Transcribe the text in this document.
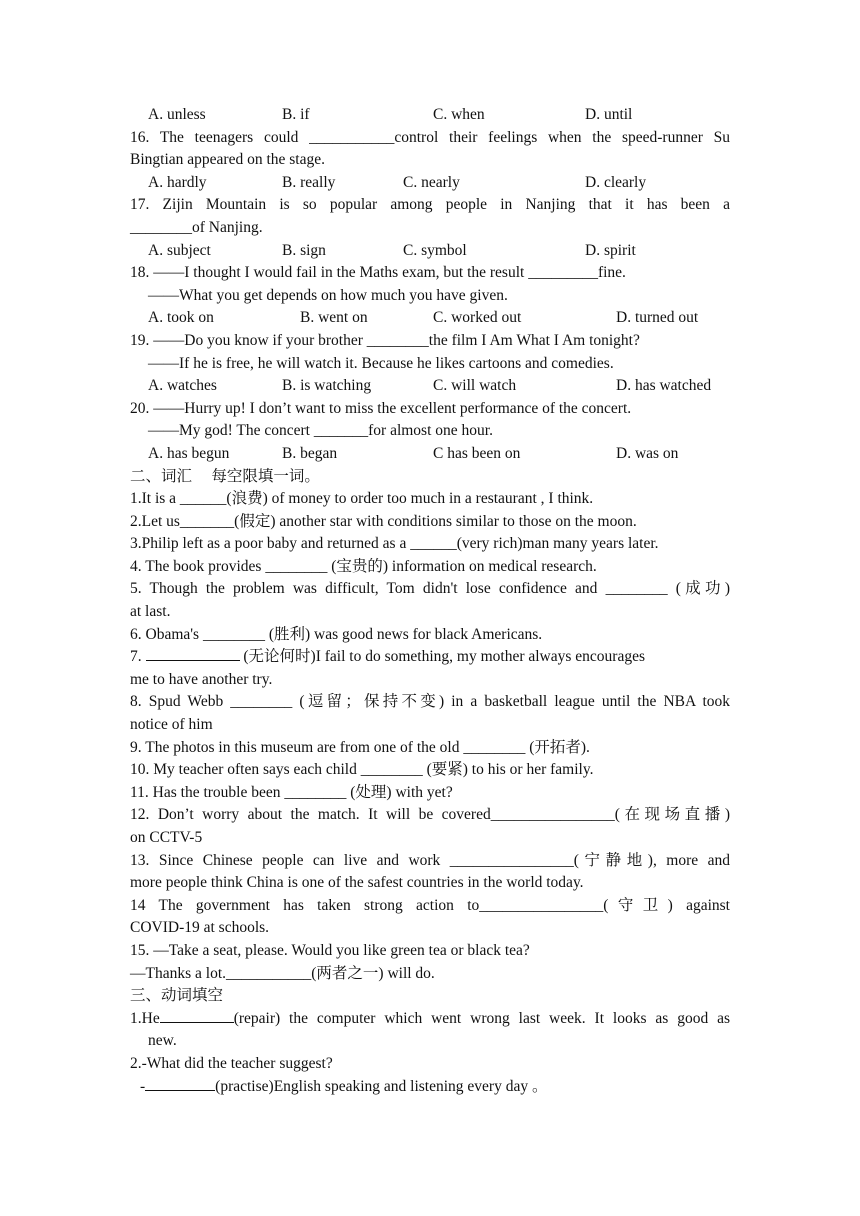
A. unless	B. if	C. when	D. until
16. The teenagers could ___________control their feelings when the speed-runner Su
Bingtian appeared on the stage.
A. hardly	B. really	C. nearly	D. clearly
17. Zijin Mountain is so popular among people in Nanjing that it has been a
________of Nanjing.
A. subject	B. sign	C. symbol	D. spirit
18. ——I thought I would fail in the Maths exam, but the result _________fine.
——What you get depends on how much you have given.
A. took on	B. went on	C. worked out	D. turned out
19. ——Do you know if your brother ________the film I Am What I Am tonight?
——If he is free, he will watch it. Because he likes cartoons and comedies.
A. watches	B. is watching	C. will watch	D. has watched
20. ——Hurry up! I don’t want to miss the excellent performance of the concert.
——My god! The concert _______for almost one hour.
A. has begun	B. began	C has been on	D. was on
二、词汇　 每空限填一词。
1.It is a ______(浪费) of money to order too much in a restaurant , I think.
2.Let us_______(假定) another star with conditions similar to those on the moon.
3.Philip left as a poor baby and returned as a ______(very rich)man many years later.
4. The book provides ________ (宝贵的) information on medical research.
5. Though the problem was difficult, Tom didn't lose confidence and ________ (成功)
at last.
6. Obama's ________ (胜利) was good news for black Americans.
7.	(无论何时)I fail to do something, my mother always encourages
me to have another try.
8. Spud Webb ________ (逗留；保持不变) in a basketball league until the NBA took
notice of him
9. The photos in this museum are from one of the old ________ (开拓者).
10. My teacher often says each child ________ (要紧) to his or her family.
11. Has the trouble been ________ (处理) with yet?
12. Don’t worry about the match. It will be covered________________(在现场直播)
on CCTV-5
13. Since Chinese people can live and work ________________(宁静地), more and
more people think China is one of the safest countries in the world today.
14 The government has taken strong action to________________(守卫) against
COVID-19 at schools.
15. —Take a seat, please. Would you like green tea or black tea?
—Thanks a lot.___________(两者之一) will do.
三、动词填空
1.He	(repair) the computer which went wrong last week. It looks as good as
new.
2.-What did the teacher suggest?
-	(practise)English speaking and listening every day 。
